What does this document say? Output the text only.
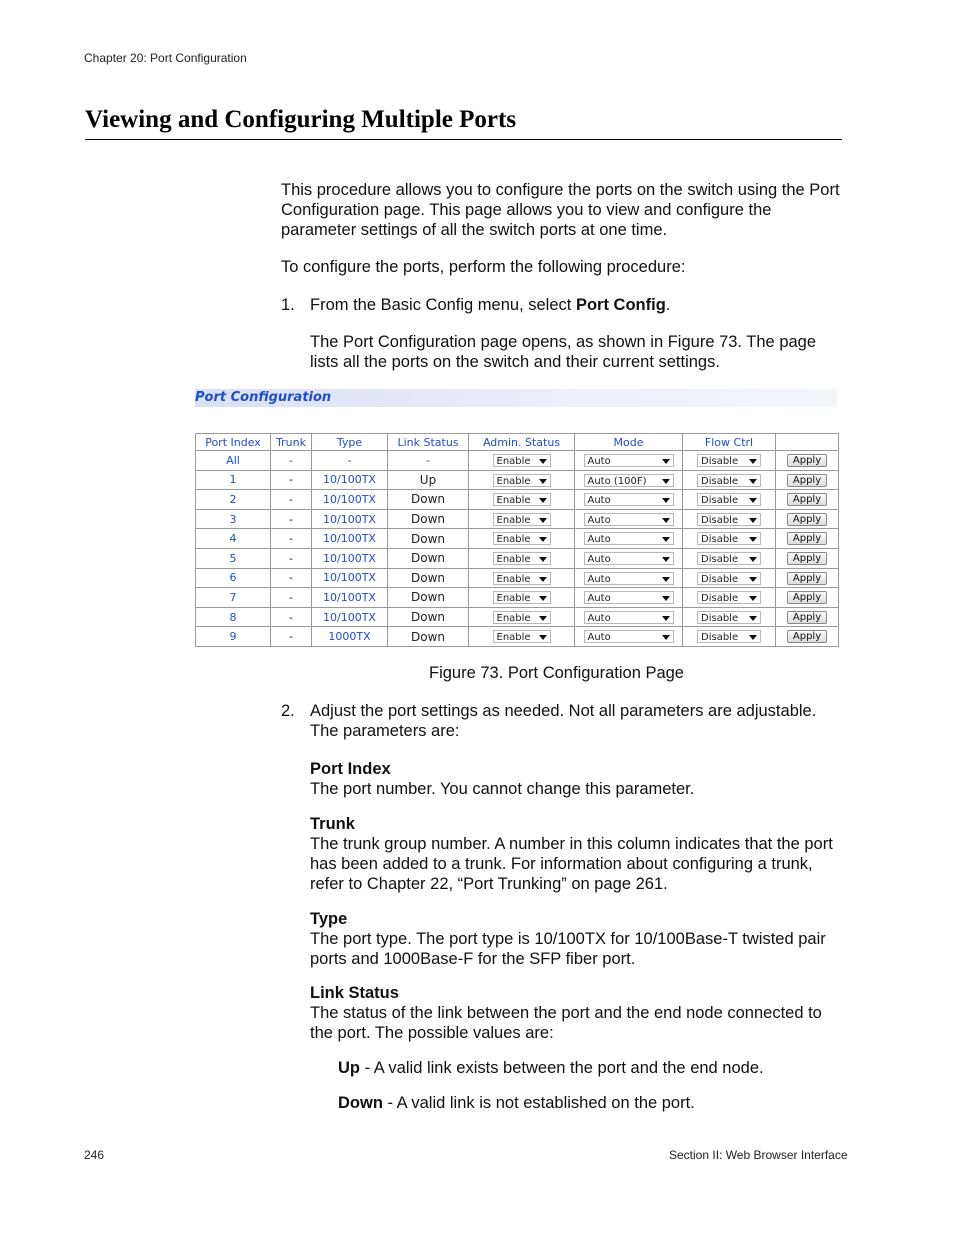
Chapter 20: Port Configuration
Viewing and Configuring Multiple Ports

This procedure allows you to configure the ports on the switch using the Port Configuration page. This page allows you to view and configure the parameter settings of all the switch ports at one time.

To configure the ports, perform the following procedure:

1. From the Basic Config menu, select Port Config.

The Port Configuration page opens, as shown in Figure 73. The page lists all the ports on the switch and their current settings.

Port Configuration
Port Index	Trunk	Type	Link Status	Admin. Status	Mode	Flow Ctrl	
All	-	-	-	Enable	Auto	Disable	Apply
1	-	10/100TX	Up	Enable	Auto (100F)	Disable	Apply
2	-	10/100TX	Down	Enable	Auto	Disable	Apply
3	-	10/100TX	Down	Enable	Auto	Disable	Apply
4	-	10/100TX	Down	Enable	Auto	Disable	Apply
5	-	10/100TX	Down	Enable	Auto	Disable	Apply
6	-	10/100TX	Down	Enable	Auto	Disable	Apply
7	-	10/100TX	Down	Enable	Auto	Disable	Apply
8	-	10/100TX	Down	Enable	Auto	Disable	Apply
9	-	1000TX	Down	Enable	Auto	Disable	Apply
Figure 73. Port Configuration Page
2. Adjust the port settings as needed. Not all parameters are adjustable. The parameters are:

Port Index
The port number. You cannot change this parameter.
Trunk
The trunk group number. A number in this column indicates that the port has been added to a trunk. For information about configuring a trunk, refer to Chapter 22, “Port Trunking” on page 261.
Type
The port type. The port type is 10/100TX for 10/100Base-T twisted pair ports and 1000Base-F for the SFP fiber port.
Link Status
The status of the link between the port and the end node connected to the port. The possible values are:

Up - A valid link exists between the port and the end node.

Down - A valid link is not established on the port.

246	Section II: Web Browser Interface
